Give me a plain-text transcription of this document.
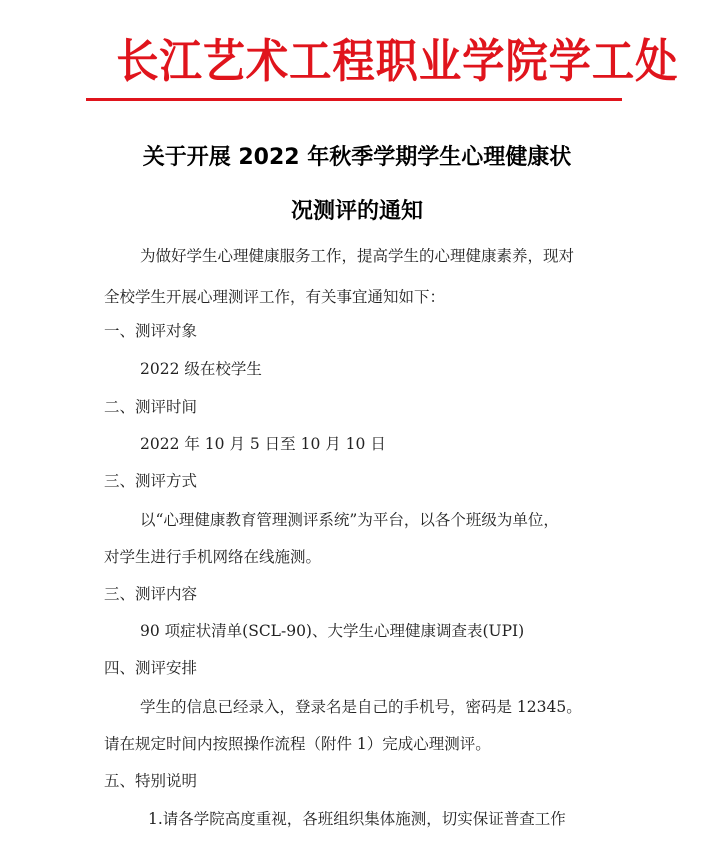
长江艺术工程职业学院学工处
关于开展 2022 年秋季学期学生心理健康状
况测评的通知
为做好学生心理健康服务工作，提高学生的心理健康素养，现对
全校学生开展心理测评工作，有关事宜通知如下：
一、测评对象
2022 级在校学生
二、测评时间
2022 年 10 月 5 日至 10 月 10 日
三、测评方式
以“心理健康教育管理测评系统”为平台，以各个班级为单位，
对学生进行手机网络在线施测。
三、测评内容
90 项症状清单(SCL-90)、大学生心理健康调查表(UPI)
四、测评安排
学生的信息已经录入，登录名是自己的手机号，密码是 12345。
请在规定时间内按照操作流程（附件 1）完成心理测评。
五、特别说明
1.请各学院高度重视，各班组织集体施测，切实保证普查工作
